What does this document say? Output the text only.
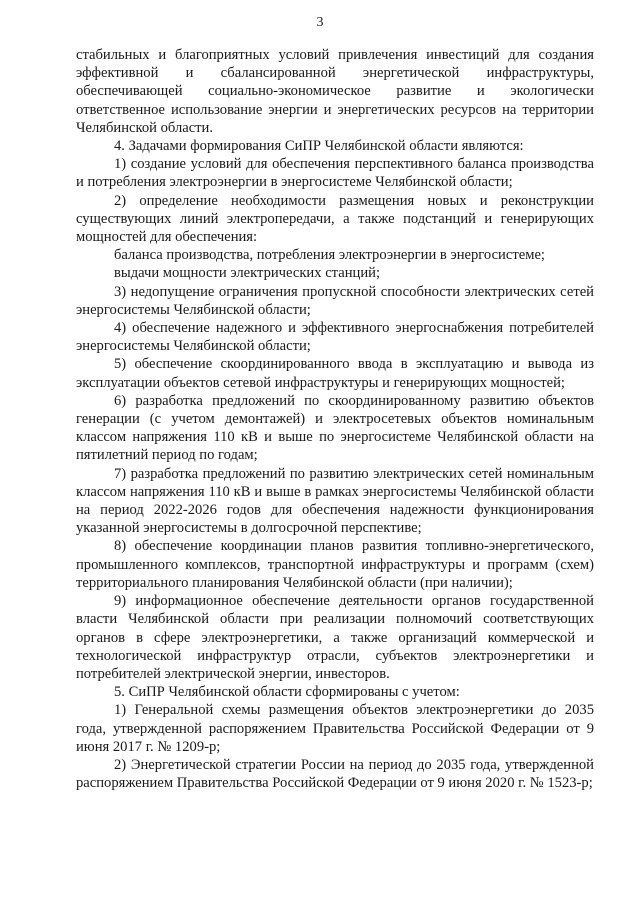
3

стабильных и благоприятных условий привлечения инвестиций для создания эффективной и сбалансированной энергетической инфраструктуры, обеспечивающей социально-экономическое развитие и экологически ответственное использование энергии и энергетических ресурсов на территории Челябинской области.

4. Задачами формирования СиПР Челябинской области являются:

1) создание условий для обеспечения перспективного баланса производства и потребления электроэнергии в энергосистеме Челябинской области;

2) определение необходимости размещения новых и реконструкции существующих линий электропередачи, а также подстанций и генерирующих мощностей для обеспечения:

баланса производства, потребления электроэнергии в энергосистеме;

выдачи мощности электрических станций;

3) недопущение ограничения пропускной способности электрических сетей энергосистемы Челябинской области;

4) обеспечение надежного и эффективного энергоснабжения потребителей энергосистемы Челябинской области;

5) обеспечение скоординированного ввода в эксплуатацию и вывода из эксплуатации объектов сетевой инфраструктуры и генерирующих мощностей;

6) разработка предложений по скоординированному развитию объектов генерации (с учетом демонтажей) и электросетевых объектов номинальным классом напряжения 110 кВ и выше по энергосистеме Челябинской области на пятилетний период по годам;

7) разработка предложений по развитию электрических сетей номинальным классом напряжения 110 кВ и выше в рамках энергосистемы Челябинской области на период 2022-2026 годов для обеспечения надежности функционирования указанной энергосистемы в долгосрочной перспективе;

8) обеспечение координации планов развития топливно-энергетического, промышленного комплексов, транспортной инфраструктуры и программ (схем) территориального планирования Челябинской области (при наличии);

9) информационное обеспечение деятельности органов государственной власти Челябинской области при реализации полномочий соответствующих органов в сфере электроэнергетики, а также организаций коммерческой и технологической инфраструктур отрасли, субъектов электроэнергетики и потребителей электрической энергии, инвесторов.

5. СиПР Челябинской области сформированы с учетом:

1) Генеральной схемы размещения объектов электроэнергетики до 2035 года, утвержденной распоряжением Правительства Российской Федерации от 9 июня 2017 г. № 1209-р;

2) Энергетической стратегии России на период до 2035 года, утвержденной распоряжением Правительства Российской Федерации от 9 июня 2020 г. № 1523-р;
